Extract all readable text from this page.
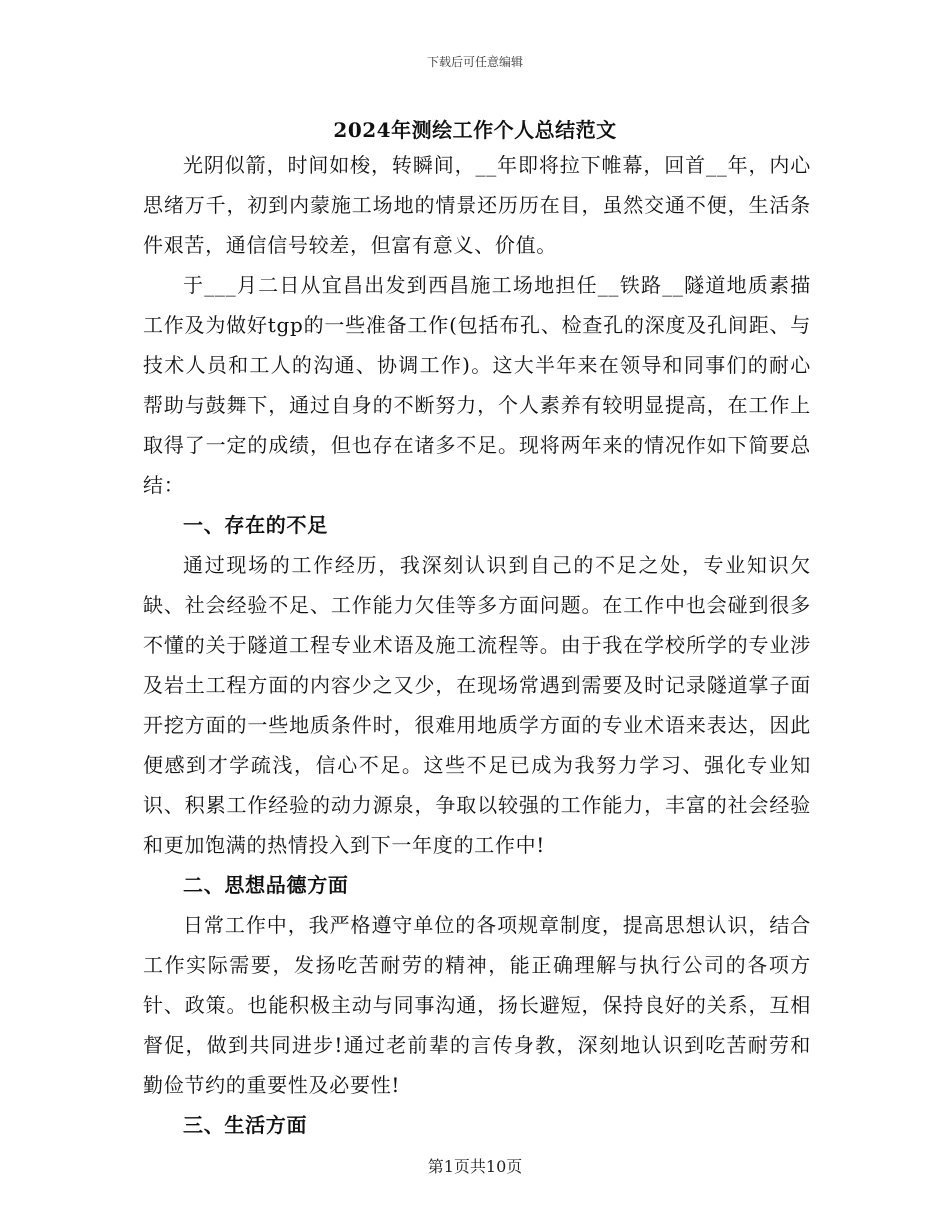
下载后可任意编辑
2024年测绘工作个人总结范文

光阴似箭，时间如梭，转瞬间，__年即将拉下帷幕，回首__年，内心思绪万千，初到内蒙施工场地的情景还历历在目，虽然交通不便，生活条件艰苦，通信信号较差，但富有意义、价值。

于___月二日从宜昌出发到西昌施工场地担任__铁路__隧道地质素描工作及为做好tgp的一些准备工作(包括布孔、检查孔的深度及孔间距、与技术人员和工人的沟通、协调工作)。这大半年来在领导和同事们的耐心帮助与鼓舞下，通过自身的不断努力，个人素养有较明显提高，在工作上取得了一定的成绩，但也存在诸多不足。现将两年来的情况作如下简要总结：

一、存在的不足

通过现场的工作经历，我深刻认识到自己的不足之处，专业知识欠缺、社会经验不足、工作能力欠佳等多方面问题。在工作中也会碰到很多不懂的关于隧道工程专业术语及施工流程等。由于我在学校所学的专业涉及岩土工程方面的内容少之又少，在现场常遇到需要及时记录隧道掌子面开挖方面的一些地质条件时，很难用地质学方面的专业术语来表达，因此便感到才学疏浅，信心不足。这些不足已成为我努力学习、强化专业知识、积累工作经验的动力源泉，争取以较强的工作能力，丰富的社会经验和更加饱满的热情投入到下一年度的工作中!

二、思想品德方面

日常工作中，我严格遵守单位的各项规章制度，提高思想认识，结合工作实际需要，发扬吃苦耐劳的精神，能正确理解与执行公司的各项方针、政策。也能积极主动与同事沟通，扬长避短，保持良好的关系，互相督促，做到共同进步!通过老前辈的言传身教，深刻地认识到吃苦耐劳和勤俭节约的重要性及必要性!

三、生活方面
第1页共10页
